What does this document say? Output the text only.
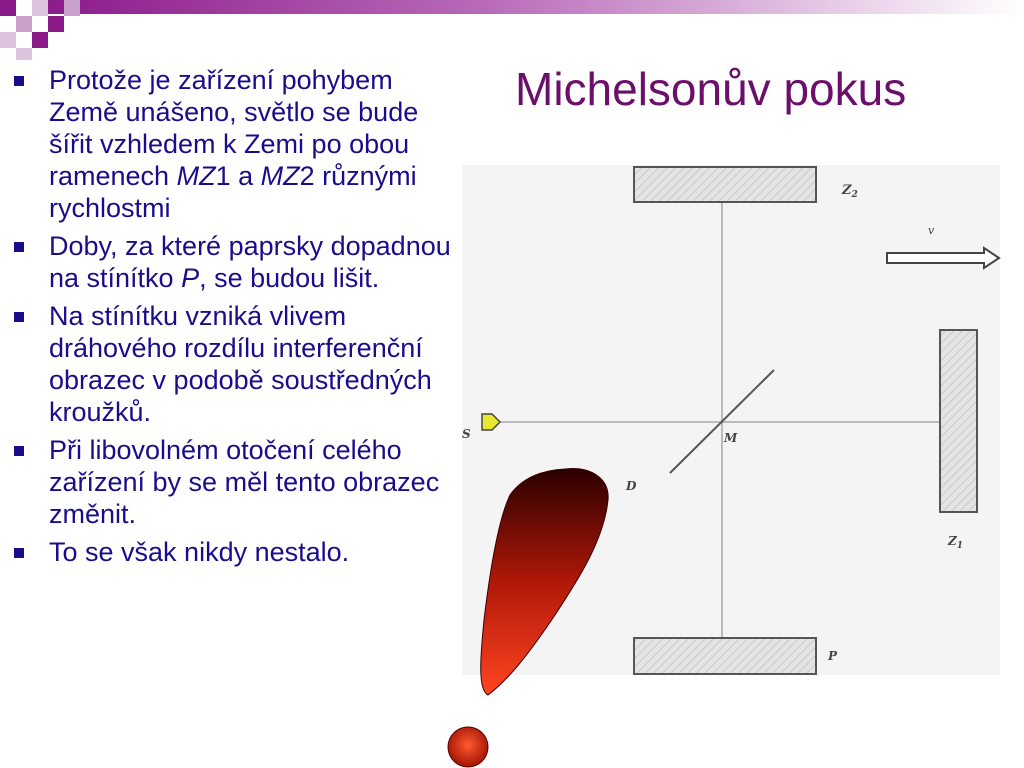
Michelsonův pokus
Protože je zařízení pohybem Země unášeno, světlo se bude šířit vzhledem k Zemi po obou ramenech MZ1 a MZ2 různými rychlostmi
Doby, za které paprsky dopadnou na stínítko P, se budou lišit.
Na stínítku vzniká vlivem dráhového rozdílu interferenční obrazec v podobě soustředných kroužků.
Při libovolném otočení celého zařízení by se měl tento obrazec změnit.
To se však nikdy nestalo.
$Z_2$
v
S	M
D
$Z_1$
P
